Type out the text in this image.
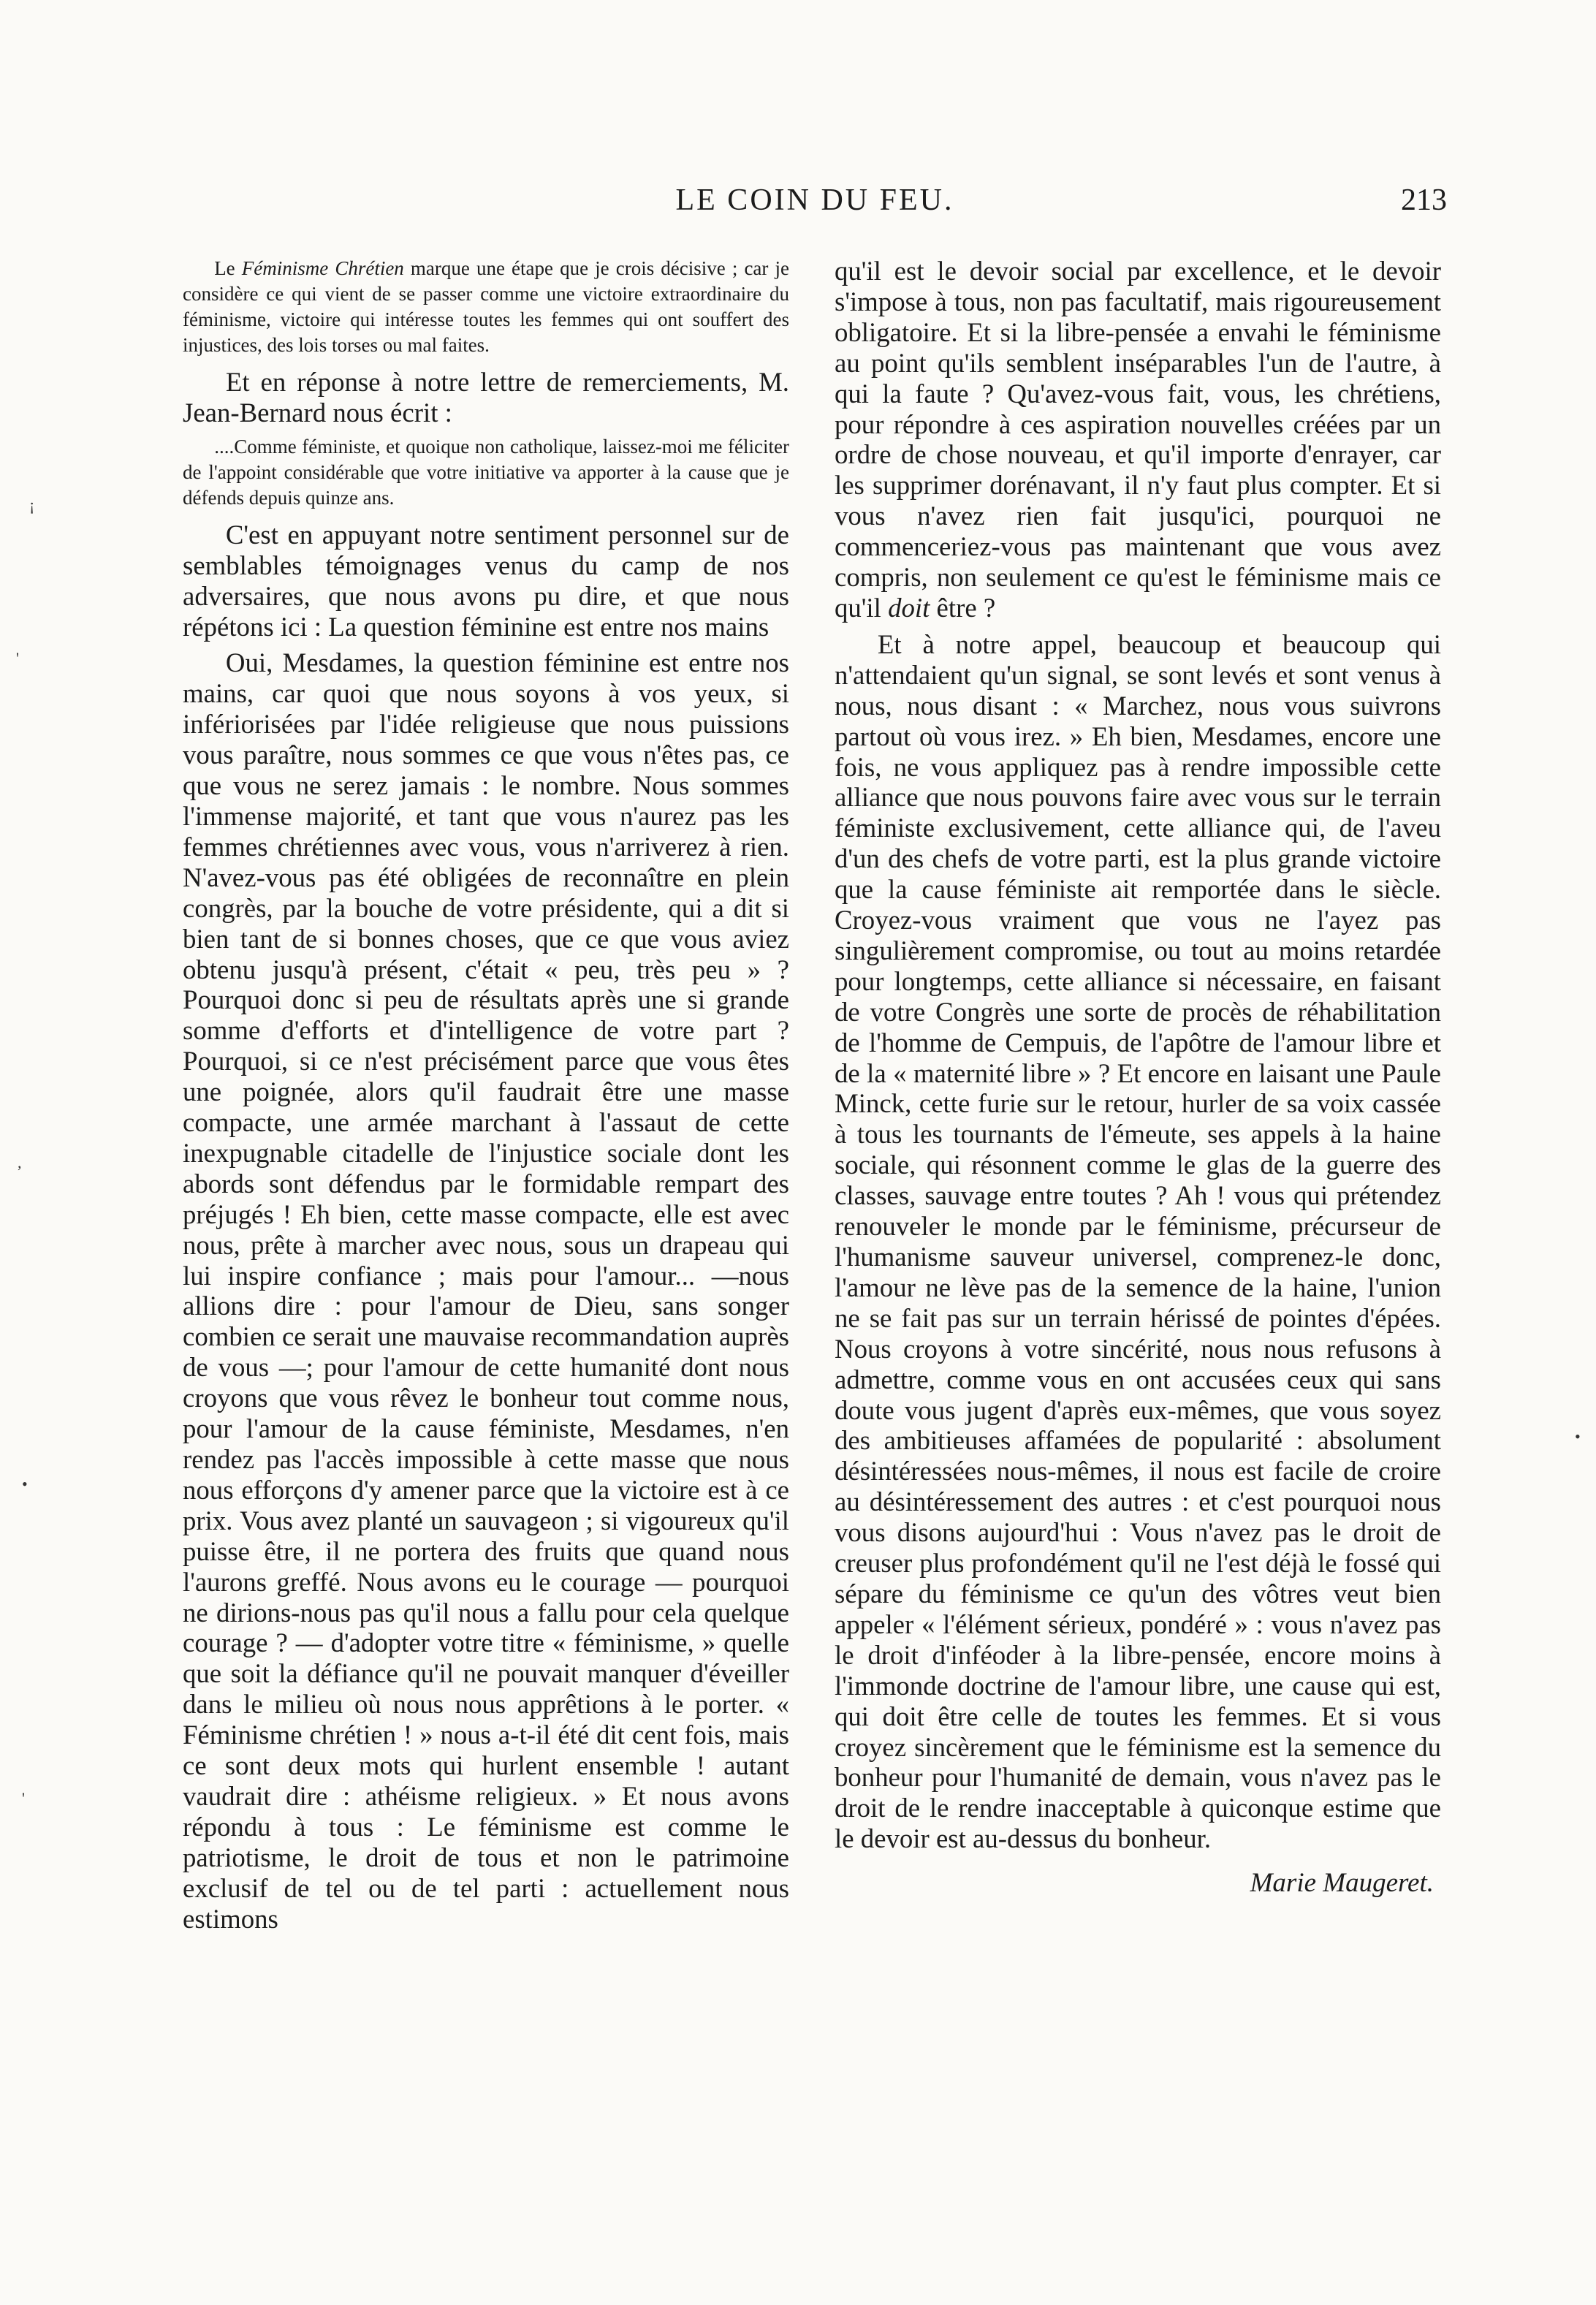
LE COIN DU FEU.	213
¡
'
,
•
'
•

Le Féminisme Chrétien marque une étape que je crois décisive ; car je considère ce qui vient de se passer comme une victoire extraordinaire du féminisme, victoire qui intéresse toutes les femmes qui ont souffert des injustices, des lois torses ou mal faites.

Et en réponse à notre lettre de remerciements, M. Jean-Bernard nous écrit :

....Comme féministe, et quoique non catholique, laissez-moi me féliciter de l'appoint considérable que votre initiative va apporter à la cause que je défends depuis quinze ans.

C'est en appuyant notre sentiment personnel sur de semblables témoignages venus du camp de nos adversaires, que nous avons pu dire, et que nous répétons ici : La question féminine est entre nos mains

Oui, Mesdames, la question féminine est entre nos mains, car quoi que nous soyons à vos yeux, si infériorisées par l'idée religieuse que nous puissions vous paraître, nous sommes ce que vous n'êtes pas, ce que vous ne serez jamais : le nombre. Nous sommes l'immense majorité, et tant que vous n'aurez pas les femmes chrétiennes avec vous, vous n'arriverez à rien. N'avez-vous pas été obligées de reconnaître en plein congrès, par la bouche de votre présidente, qui a dit si bien tant de si bonnes choses, que ce que vous aviez obtenu jusqu'à présent, c'était « peu, très peu » ? Pourquoi donc si peu de résultats après une si grande somme d'efforts et d'intelligence de votre part ? Pourquoi, si ce n'est précisément parce que vous êtes une poignée, alors qu'il faudrait être une masse compacte, une armée marchant à l'assaut de cette inexpugnable citadelle de l'injustice sociale dont les abords sont défendus par le formidable rempart des préjugés ! Eh bien, cette masse compacte, elle est avec nous, prête à marcher avec nous, sous un drapeau qui lui inspire confiance ; mais pour l'amour... —nous allions dire : pour l'amour de Dieu, sans songer combien ce serait une mauvaise recommandation auprès de vous —; pour l'amour de cette humanité dont nous croyons que vous rêvez le bonheur tout comme nous, pour l'amour de la cause féministe, Mesdames, n'en rendez pas l'accès impossible à cette masse que nous nous efforçons d'y amener parce que la victoire est à ce prix. Vous avez planté un sauvageon ; si vigoureux qu'il puisse être, il ne portera des fruits que quand nous l'aurons greffé. Nous avons eu le courage — pourquoi ne dirions-nous pas qu'il nous a fallu pour cela quelque courage ? — d'adopter votre titre « féminisme, » quelle que soit la défiance qu'il ne pouvait manquer d'éveiller dans le milieu où nous nous apprêtions à le porter. « Féminisme chrétien ! » nous a-t-il été dit cent fois, mais ce sont deux mots qui hurlent ensemble ! autant vaudrait dire : athéisme religieux. » Et nous avons répondu à tous : Le féminisme est comme le patriotisme, le droit de tous et non le patrimoine exclusif de tel ou de tel parti : actuellement nous estimons

qu'il est le devoir social par excellence, et le devoir s'impose à tous, non pas facultatif, mais rigoureusement obligatoire. Et si la libre-pensée a envahi le féminisme au point qu'ils semblent inséparables l'un de l'autre, à qui la faute ? Qu'avez-vous fait, vous, les chrétiens, pour répondre à ces aspiration nouvelles créées par un ordre de chose nouveau, et qu'il importe d'enrayer, car les supprimer dorénavant, il n'y faut plus compter. Et si vous n'avez rien fait jusqu'ici, pourquoi ne commenceriez-vous pas maintenant que vous avez compris, non seulement ce qu'est le féminisme mais ce qu'il doit être ?

Et à notre appel, beaucoup et beaucoup qui n'attendaient qu'un signal, se sont levés et sont venus à nous, nous disant : « Marchez, nous vous suivrons partout où vous irez. » Eh bien, Mesdames, encore une fois, ne vous appliquez pas à rendre impossible cette alliance que nous pouvons faire avec vous sur le terrain féministe exclusivement, cette alliance qui, de l'aveu d'un des chefs de votre parti, est la plus grande victoire que la cause féministe ait remportée dans le siècle. Croyez-vous vraiment que vous ne l'ayez pas singulièrement compromise, ou tout au moins retardée pour longtemps, cette alliance si nécessaire, en faisant de votre Congrès une sorte de procès de réhabilitation de l'homme de Cempuis, de l'apôtre de l'amour libre et de la « maternité libre » ? Et encore en laisant une Paule Minck, cette furie sur le retour, hurler de sa voix cassée à tous les tournants de l'émeute, ses appels à la haine sociale, qui résonnent comme le glas de la guerre des classes, sauvage entre toutes ? Ah ! vous qui prétendez renouveler le monde par le féminisme, précurseur de l'humanisme sauveur universel, comprenez-le donc, l'amour ne lève pas de la semence de la haine, l'union ne se fait pas sur un terrain hérissé de pointes d'épées. Nous croyons à votre sincérité, nous nous refusons à admettre, comme vous en ont accusées ceux qui sans doute vous jugent d'après eux-mêmes, que vous soyez des ambitieuses affamées de popularité : absolument désintéressées nous-mêmes, il nous est facile de croire au désintéressement des autres : et c'est pourquoi nous vous disons aujourd'hui : Vous n'avez pas le droit de creuser plus profondément qu'il ne l'est déjà le fossé qui sépare du féminisme ce qu'un des vôtres veut bien appeler « l'élément sérieux, pondéré » : vous n'avez pas le droit d'inféoder à la libre-pensée, encore moins à l'immonde doctrine de l'amour libre, une cause qui est, qui doit être celle de toutes les femmes. Et si vous croyez sincèrement que le féminisme est la semence du bonheur pour l'humanité de demain, vous n'avez pas le droit de le rendre inacceptable à quiconque estime que le devoir est au-dessus du bonheur.

Marie Maugeret.
